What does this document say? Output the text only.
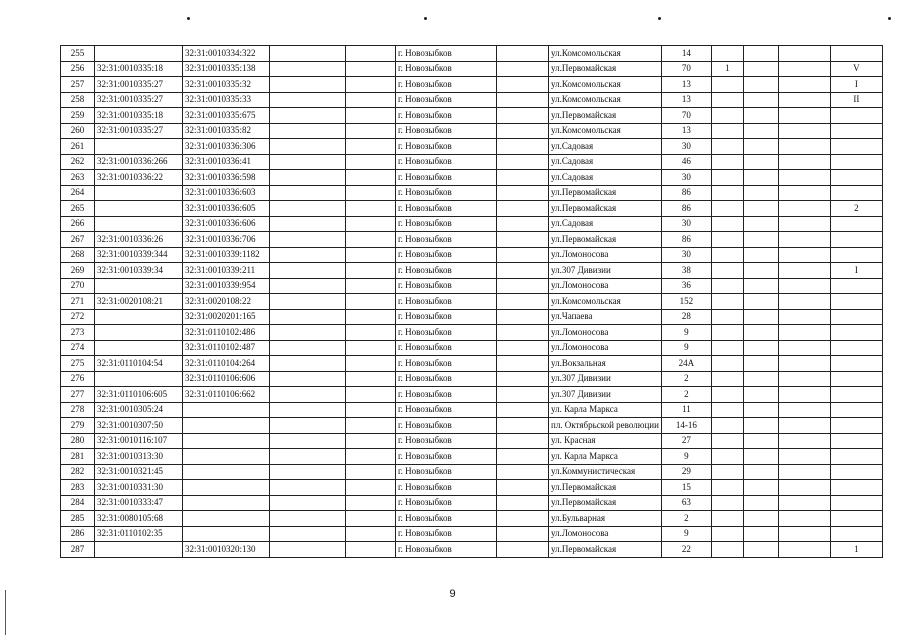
255		32:31:0010334:322			г. Новозыбков		ул.Комсомольская	14				
256	32:31:0010335:18	32:31:0010335:138			г. Новозыбков		ул.Первомайская	70	1			V
257	32:31:0010335:27	32:31:0010335:32			г. Новозыбков		ул.Комсомольская	13				I
258	32:31:0010335:27	32:31:0010335:33			г. Новозыбков		ул.Комсомольская	13				II
259	32:31:0010335:18	32:31:0010335:675			г. Новозыбков		ул.Первомайская	70				
260	32:31:0010335:27	32:31:0010335:82			г. Новозыбков		ул.Комсомольская	13				
261		32:31:0010336:306			г. Новозыбков		ул.Садовая	30				
262	32:31:0010336:266	32:31:0010336:41			г. Новозыбков		ул.Садовая	46				
263	32:31:0010336:22	32:31:0010336:598			г. Новозыбков		ул.Садовая	30				
264		32:31:0010336:603			г. Новозыбков		ул.Первомайская	86				
265		32:31:0010336:605			г. Новозыбков		ул.Первомайская	86				2
266		32:31:0010336:606			г. Новозыбков		ул.Садовая	30				
267	32:31:0010336:26	32:31:0010336:706			г. Новозыбков		ул.Первомайская	86				
268	32:31:0010339:344	32:31:0010339:1182			г. Новозыбков		ул.Ломоносова	30				
269	32:31:0010339:34	32:31:0010339:211			г. Новозыбков		ул.307 Дивизии	38				I
270		32:31:0010339:954			г. Новозыбков		ул.Ломоносова	36				
271	32:31:0020108:21	32:31:0020108:22			г. Новозыбков		ул.Комсомольская	152				
272		32:31:0020201:165			г. Новозыбков		ул.Чапаева	28				
273		32:31:0110102:486			г. Новозыбков		ул.Ломоносова	9				
274		32:31:0110102:487			г. Новозыбков		ул.Ломоносова	9				
275	32:31:0110104:54	32:31:0110104:264			г. Новозыбков		ул.Вокзальная	24А				
276		32:31:0110106:606			г. Новозыбков		ул.307 Дивизии	2				
277	32:31:0110106:605	32:31:0110106:662			г. Новозыбков		ул.307 Дивизии	2				
278	32:31:0010305:24				г. Новозыбков		ул. Карла Маркса	11				
279	32:31:0010307:50				г. Новозыбков		пл. Октябрьской революции	14-16				
280	32:31:0010116:107				г. Новозыбков		ул. Красная	27				
281	32:31:0010313:30				г. Новозыбков		ул. Карла Маркса	9				
282	32:31:0010321:45				г. Новозыбков		ул.Коммунистическая	29				
283	32:31:0010331:30				г. Новозыбков		ул.Первомайская	15				
284	32:31:0010333:47				г. Новозыбков		ул.Первомайская	63				
285	32:31:0080105:68				г. Новозыбков		ул.Бульварная	2				
286	32:31:0110102:35				г. Новозыбков		ул.Ломоносова	9				
287		32:31:0010320:130			г. Новозыбков		ул.Первомайская	22				1
9
